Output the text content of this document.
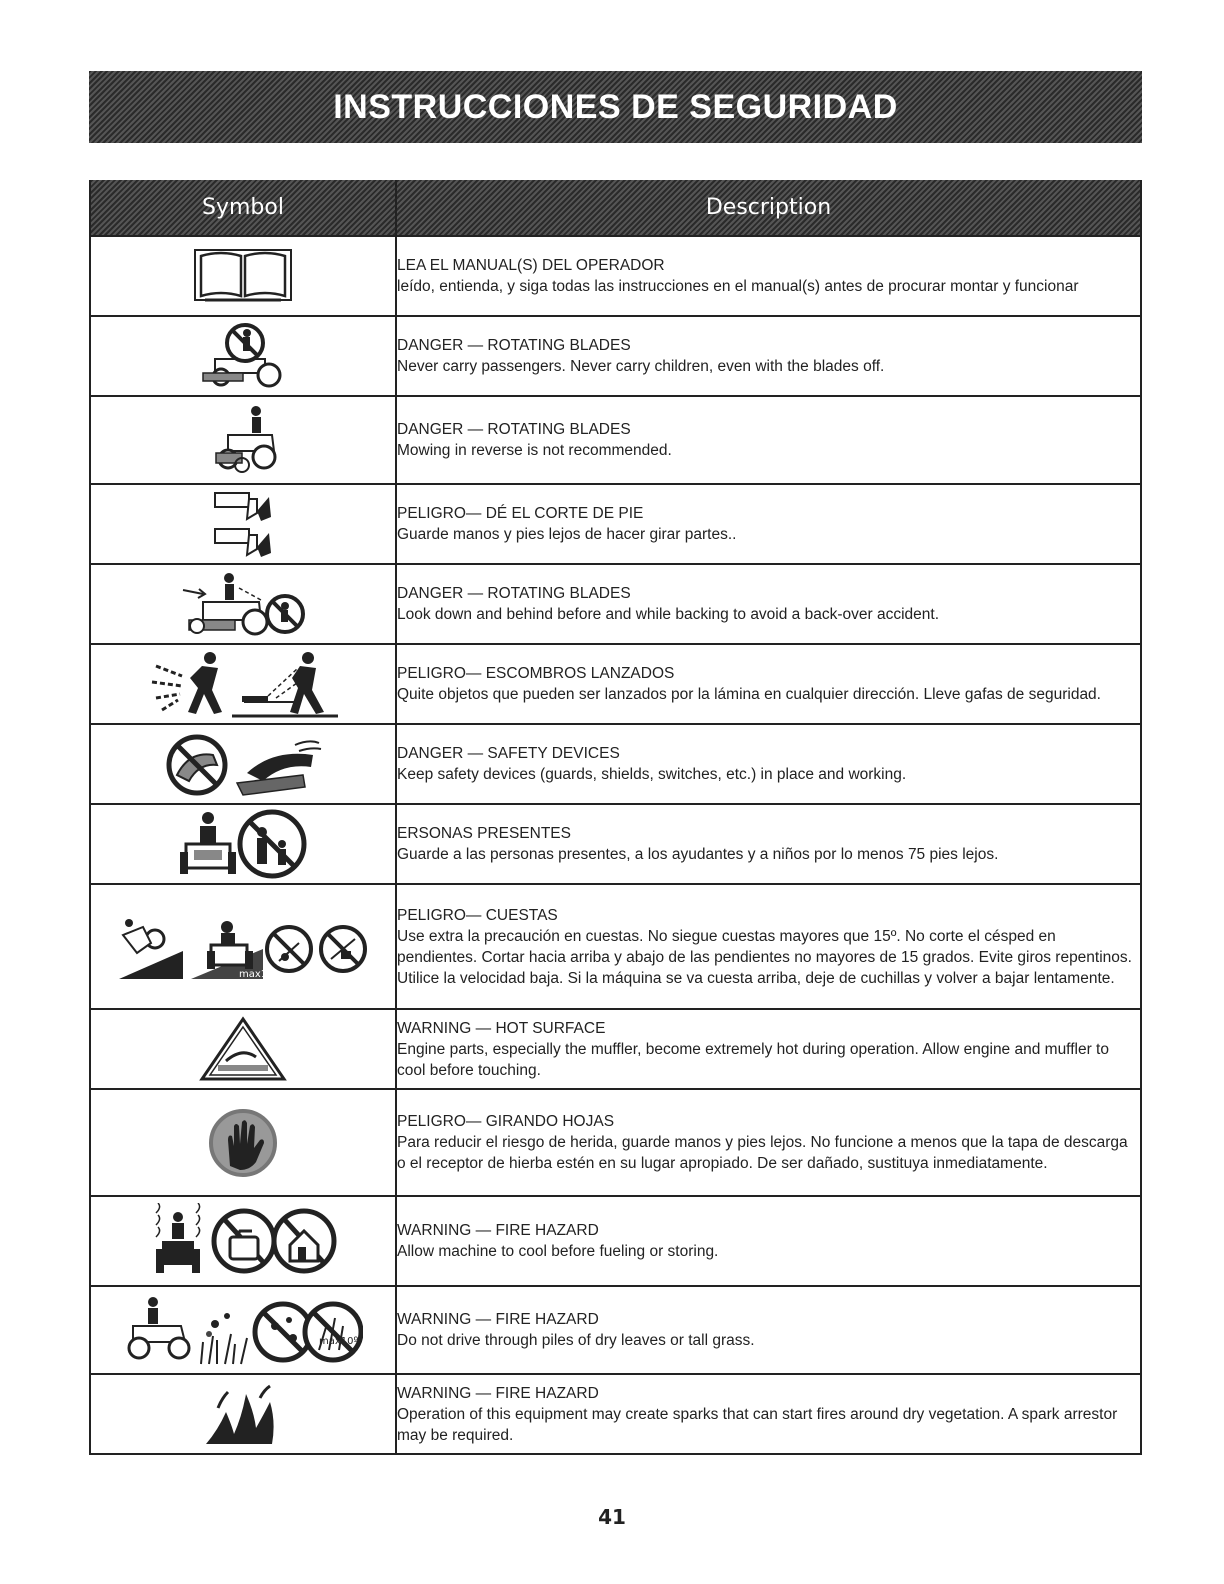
INSTRUCCIONES DE SEGURIDAD
Symbol	Description

LEA EL MANUAL(S) DEL OPERADOR
leído, entienda, y siga todas las instrucciones en el manual(s) antes de procurar montar y funcionar

DANGER — ROTATING BLADES
Never carry passengers. Never carry children, even with the blades off.

DANGER — ROTATING BLADES
Mowing in reverse is not recommended.

PELIGRO— DÉ EL CORTE DE PIE
Guarde manos y pies lejos de hacer girar partes..

DANGER — ROTATING BLADES
Look down and behind before and while backing to avoid a back-over accident.

PELIGRO— ESCOMBROS LANZADOS
Quite objetos que pueden ser lanzados por la lámina en cualquier dirección. Lleve gafas de seguridad.

DANGER — SAFETY DEVICES
Keep safety devices (guards, shields, switches, etc.) in place and working.

ERSONAS PRESENTES
Guarde a las personas presentes, a los ayudantes y a niños por lo menos 75 pies lejos.

max15º	PELIGRO— CUESTAS
Use extra la precaución en cuestas. No siegue cuestas mayores que 15º. No corte el césped en pendientes. Cortar hacia arriba y abajo de las pendientes no mayores de 15 grados. Evite giros repentinos. Utilice la velocidad baja. Si la máquina se va cuesta arriba, deje de cuchillas y volver a bajar lentamente.

WARNING — HOT SURFACE
Engine parts, especially the muffler, become extremely hot during operation. Allow engine and muffler to cool before touching.

PELIGRO— GIRANDO HOJAS
Para reducir el riesgo de herida, guarde manos y pies lejos. No funcione a menos que la tapa de descarga o el receptor de hierba estén en su lugar apropiado. De ser dañado, sustituya inmediatamente.

WARNING — FIRE HAZARD
Allow machine to cool before fueling or storing.

max10º	WARNING — FIRE HAZARD
Do not drive through piles of dry leaves or tall grass.

WARNING — FIRE HAZARD
Operation of this equipment may create sparks that can start fires around dry vegetation. A spark arrestor may be required.
41
